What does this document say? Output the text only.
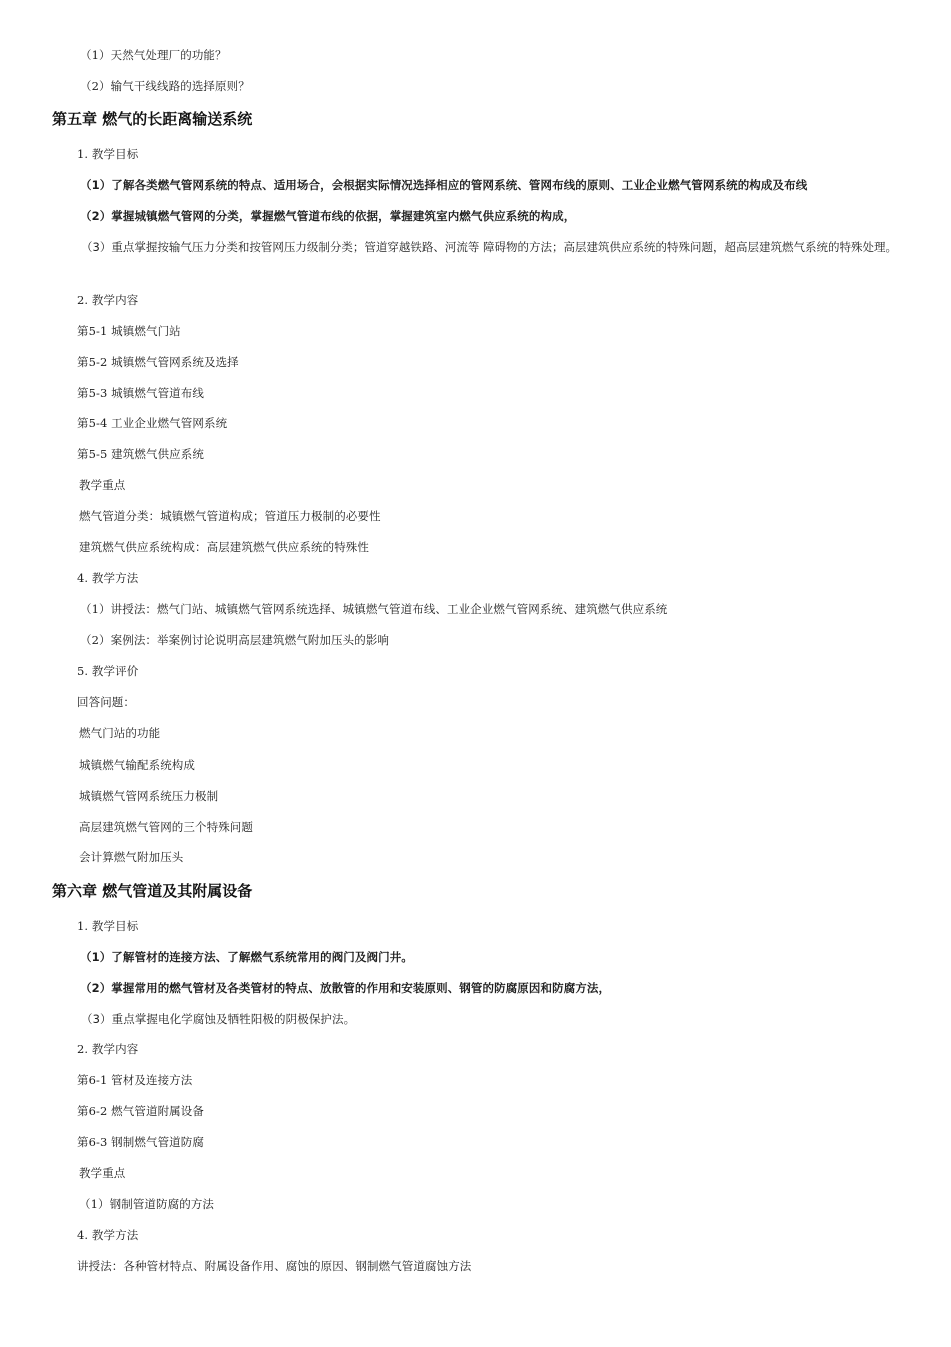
（1）天然气处理厂的功能？
（2）输气干线线路的选择原则？
第五章 燃气的长距离输送系统
1. 教学目标
（1）了解各类燃气管网系统的特点、适用场合，会根据实际情况选择相应的管网系统、管网布线的原则、工业企业燃气管网系统的构成及布线
（2）掌握城镇燃气管网的分类，掌握燃气管道布线的依据，掌握建筑室内燃气供应系统的构成，
（3）重点掌握按输气压力分类和按管网压力级制分类；管道穿越铁路、河流等 障碍物的方法；高层建筑供应系统的特殊问题，超高层建筑燃气系统的特殊处理。
2. 教学内容
第5-1 城镇燃气门站
第5-2 城镇燃气管网系统及选择
第5-3 城镇燃气管道布线
第5-4 工业企业燃气管网系统
第5-5 建筑燃气供应系统
教学重点
燃气管道分类：城镇燃气管道构成；管道压力极制的必要性
建筑燃气供应系统构成：高层建筑燃气供应系统的特殊性
4. 教学方法
（1）讲授法：燃气门站、城镇燃气管网系统选择、城镇燃气管道布线、工业企业燃气管网系统、建筑燃气供应系统
（2）案例法：举案例讨论说明高层建筑燃气附加压头的影响
5. 教学评价
回答问题：
燃气门站的功能
城镇燃气输配系统构成
城镇燃气管网系统压力极制
高层建筑燃气管网的三个特殊问题
会计算燃气附加压头
第六章 燃气管道及其附属设备
1. 教学目标
（1）了解管材的连接方法、了解燃气系统常用的阀门及阀门井。
（2）掌握常用的燃气管材及各类管材的特点、放散管的作用和安装原则、钢管的防腐原因和防腐方法，
（3）重点掌握电化学腐蚀及牺牲阳极的阴极保护法。
2. 教学内容
第6-1 管材及连接方法
第6-2 燃气管道附属设备
第6-3 钢制燃气管道防腐
教学重点
（1）钢制管道防腐的方法
4. 教学方法
讲授法：各种管材特点、附属设备作用、腐蚀的原因、钢制燃气管道腐蚀方法
